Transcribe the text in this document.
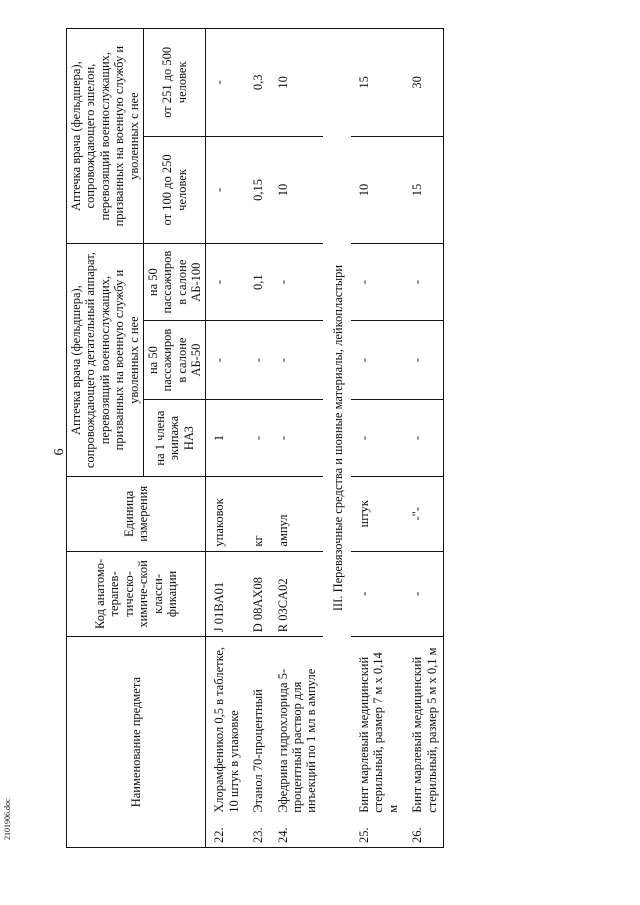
6
2101906.doc
Наименование предмета		Код анатомо-терапев-тическо-химиче-ской класси-фикации	Единица измерения	Аптечка врача (фельдшера), сопровождающего детательный аппарат, перевозящий военнослужащих, призванных на военную службу и уволенных с нее			Аптечка врача (фельдшера), сопровождающего эшелон, перевозящий военнослужащих, призванных на военную службу и уволенных с нее	
				на 1 члена экипажа НАЗ	на 50 пассажиров в салоне АБ-50	на 50 пассажиров в салоне АБ-100	от 100 до 250 человек	от 251 до 500 человек
22.	Хлорамфеникол 0,5 в таблетке, 10 штук в упаковке	J 01BA01	упаковок	1	-	-	-	-
23.	Этанол 70-процентный	D 08AX08	кг	-	-	0,1	0,15	0,3
24.	Эфедрина гидрохлорида 5-процентный раствор для инъекций по 1 мл в ампуле	R 03CA02	ампул	-	-	-	10	10
III. Перевязочные средства и шовные материалы, лейкопластыри								
25.	Бинт марлевый медицинский стерильный, размер 7 м х 0,14 м	-	штук	-	-	-	10	15
26.	Бинт марлевый медицинский стерильный, размер 5 м х 0,1 м	-	-"-	-	-	-	15	30
